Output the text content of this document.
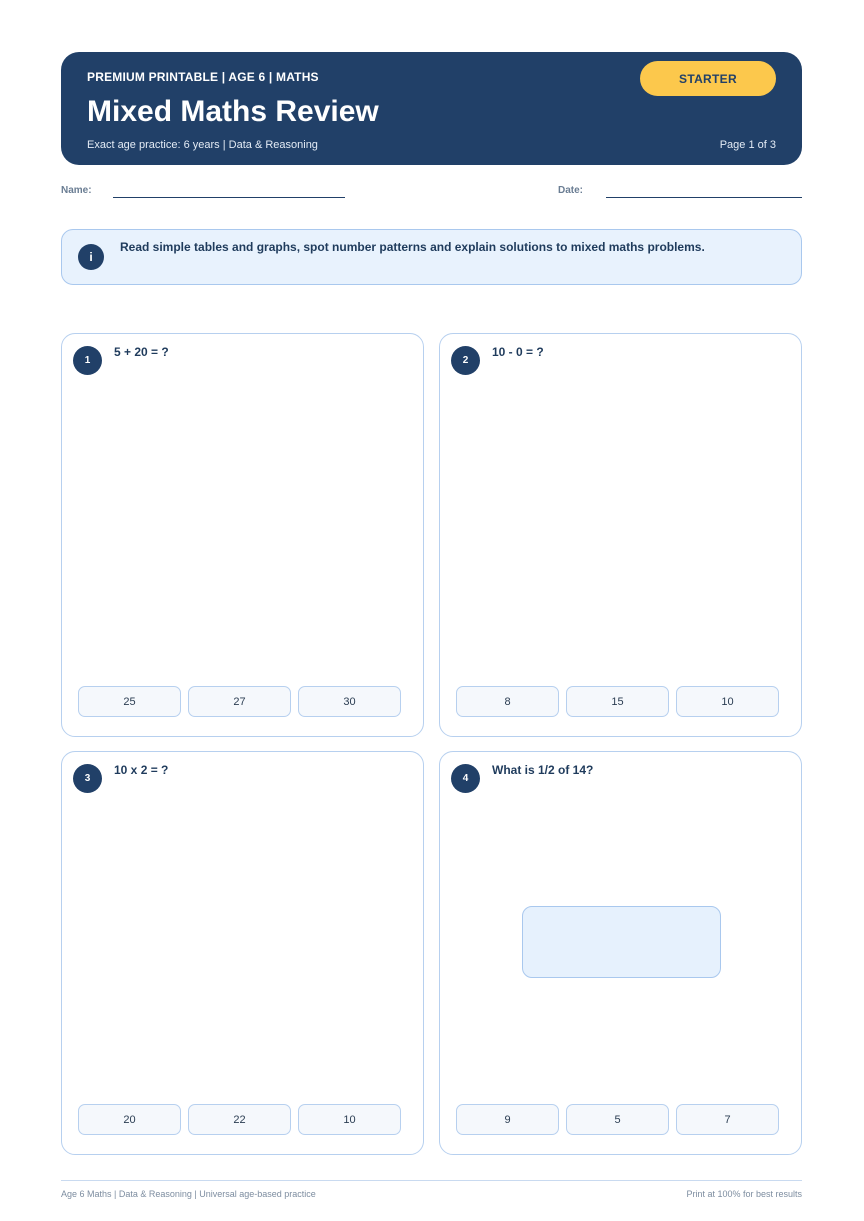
PREMIUM PRINTABLE | AGE 6 | MATHS
Mixed Maths Review
Exact age practice: 6 years | Data & Reasoning	Page 1 of 3
STARTER
Name:	Date:
i
Read simple tables and graphs, spot number patterns and explain solutions to mixed maths problems.
1
5 + 20 = ?
25	27	30
2
10 - 0 = ?
8	15	10
3
10 x 2 = ?
20	22	10
4
What is 1/2 of 14?
9	5	7
Age 6 Maths | Data & Reasoning | Universal age-based practice	Print at 100% for best results
